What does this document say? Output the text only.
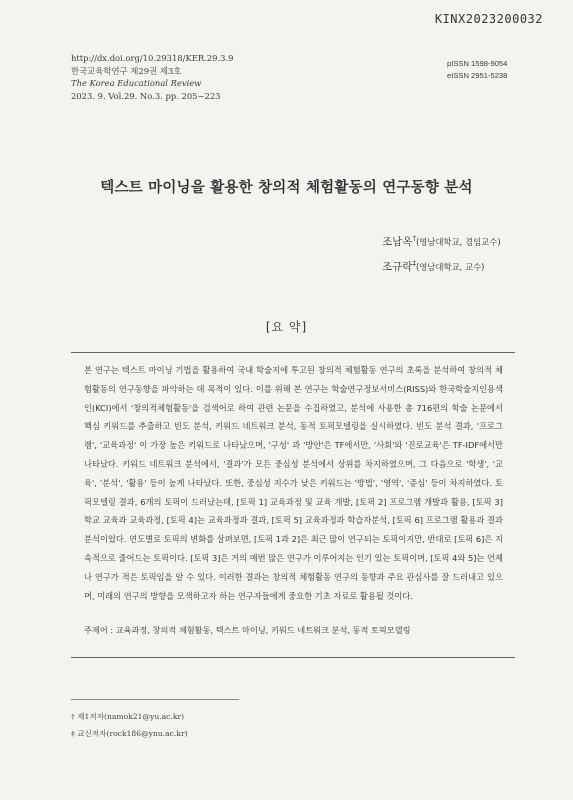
KINX2023200032
http://dx.doi.org/10.29318/KER.29.3.9
한국교육학연구 제29권 제3호
The Korea Educational Review
2023. 9. Vol.29. No.3. pp. 205~223
pISSN 1598-9054
eISSN 2951-5238
텍스트 마이닝을 활용한 창의적 체험활동의 연구동향 분석
조남옥†(영남대학교, 겸임교수)
조규락‡(영남대학교, 교수)
[요 약]
본 연구는 텍스트 마이닝 기법을 활용하여 국내 학술지에 투고된 창의적 체험활동 연구의 초록을 분석하여 창의적 체험활동의 연구동향을 파악하는 데 목적이 있다. 이를 위해 본 연구는 학술연구정보서비스(RISS)와 한국학술지인용색인(KCI)에서 '창의적체험활동'을 검색어로 하여 관련 논문을 수집하였고, 분석에 사용한 총 716편의 학술 논문에서 핵심 키워드를 추출하고 빈도 분석, 키워드 네트워크 분석, 동적 토픽모델링을 실시하였다. 빈도 분석 결과, '프로그램', '교육과정' 이 가장 높은 키워드로 나타났으며, '구성' 과 '방안'은 TF에서만, '사회'와 '진로교육'은 TF-IDF에서만 나타났다. 키워드 네트워크 분석에서, '결과'가 모든 중심성 분석에서 상위를 차지하였으며, 그 다음으로 '학생', '교육', '분석', '활용' 등이 높게 나타났다. 또한, 중심성 지수가 낮은 키워드는 '방법', '영역', '증심' 등이 차지하였다. 토픽모델링 결과, 6개의 토픽이 드러났는데, [토픽 1] 교육과정 및 교육 개발, [토픽 2] 프로그램 개발과 활용, [토픽 3] 학교 교육과 교육과정, [토픽 4]는 교육과정과 결과, [토픽 5] 교육과정과 학습자분석, [토픽 6] 프로그램 활용과 결과 분석이었다. 연도별로 토픽의 변화를 살펴보면, [토픽 1과 2]은 최근 많이 연구되는 토픽이지만, 반대로 [토픽 6]은 지속적으로 줄어드는 토픽이다. [토픽 3]은 거의 매번 많은 연구가 이루어지는 인기 있는 토픽이며, [토픽 4와 5]는 언제나 연구가 적은 토픽임을 알 수 있다. 이러한 결과는 창의적 체험활동 연구의 동향과 주요 관심사를 잘 드러내고 있으며, 미래의 연구의 방향을 모색하고자 하는 연구자들에게 중요한 기초 자료로 활용될 것이다.
주제어 : 교육과정, 창의적 체험활동, 텍스트 마이닝, 키워드 네트워크 분석, 동적 토픽모델링
† 제1저자(namok21@yu.ac.kr)
‡ 교신저자(rock186@ynu.ac.kr)
